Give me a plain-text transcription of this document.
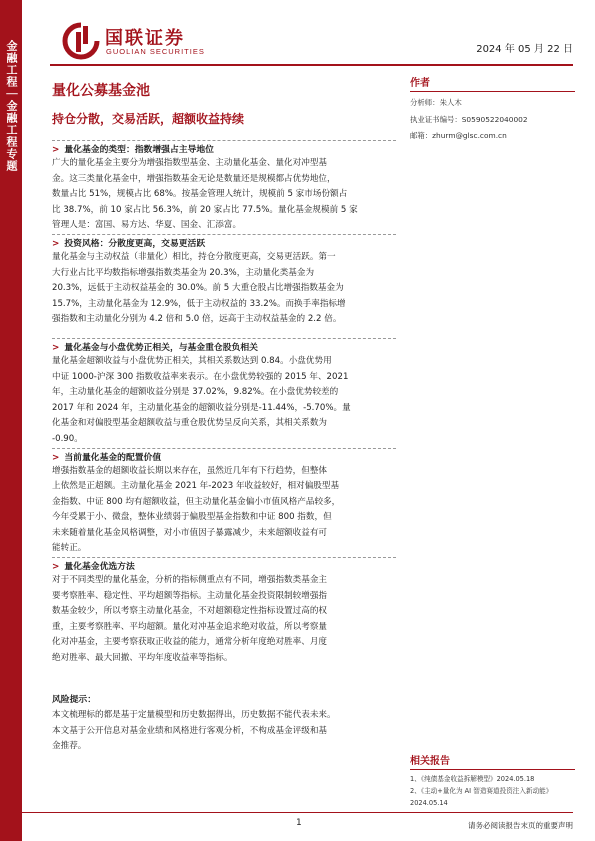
金融工程｜金融工程专题
国联证券
GUOLIAN SECURITIES	2024 年 05 月 22 日
量化公募基金池
持仓分散，交易活跃，超额收益持续

> 量化基金的类型：指数增强占主导地位

广大的量化基金主要分为增强指数型基金、主动量化基金、量化对冲型基

金。这三类量化基金中，增强指数基金无论是数量还是规模都占优势地位，

数量占比 51%，规模占比 68%。按基金管理人统计，规模前 5 家市场份额占

比 38.7%，前 10 家占比 56.3%，前 20 家占比 77.5%。量化基金规模前 5 家

管理人是：富国、易方达、华夏、国金、汇添富。

> 投资风格：分散度更高，交易更活跃

量化基金与主动权益（非量化）相比，持仓分散度更高，交易更活跃。第一

大行业占比平均数指标增强指数类基金为 20.3%，主动量化类基金为

20.3%，远低于主动权益基金的 30.0%。前 5 大重仓股占比增强指数基金为

15.7%，主动量化基金为 12.9%，低于主动权益的 33.2%。而换手率指标增

强指数和主动量化分别为 4.2 倍和 5.0 倍，远高于主动权益基金的 2.2 倍。

> 量化基金与小盘优势正相关，与基金重仓股负相关

量化基金超额收益与小盘优势正相关，其相关系数达到 0.84。小盘优势用

中证 1000-沪深 300 指数收益率来表示。在小盘优势较强的 2015 年、2021

年，主动量化基金的超额收益分别是 37.02%，9.82%。在小盘优势较差的

2017 年和 2024 年，主动量化基金的超额收益分别是-11.44%，-5.70%。量

化基金和对偏股型基金超额收益与重仓股优势呈反向关系，其相关系数为

-0.90。

> 当前量化基金的配置价值

增强指数基金的超额收益长期以来存在，虽然近几年有下行趋势，但整体

上依然是正超额。主动量化基金 2021 年-2023 年收益较好，相对偏股型基

金指数、中证 800 均有超额收益，但主动量化基金偏小市值风格产品较多，

今年受累于小、微盘，整体业绩弱于偏股型基金指数和中证 800 指数，但

未来随着量化基金风格调整，对小市值因子暴露减少，未来超额收益有可

能转正。

> 量化基金优选方法

对于不同类型的量化基金，分析的指标侧重点有不同，增强指数类基金主

要考察胜率、稳定性、平均超额等指标。主动量化基金投资限制较增强指

数基金较少，所以考察主动量化基金，不对超额稳定性指标设置过高的权

重，主要考察胜率、平均超额。量化对冲基金追求绝对收益，所以考察量

化对冲基金，主要考察获取正收益的能力，通常分析年度绝对胜率、月度

绝对胜率、最大回撤、平均年度收益率等指标。

风险提示：

本文梳理标的都是基于定量模型和历史数据得出，历史数据不能代表未来。

本文基于公开信息对基金业绩和风格进行客观分析，不构成基金评级和基

金推荐。

作者
分析师：朱人木
执业证书编号：S0590522040002
邮箱：zhurm@glsc.com.cn
相关报告
1、《纯债基金收益拆解模型》2024.05.18
2、《主动+量化为 AI 智造赛道投资注入新动能》
2024.05.14
1	请务必阅读报告末页的重要声明
